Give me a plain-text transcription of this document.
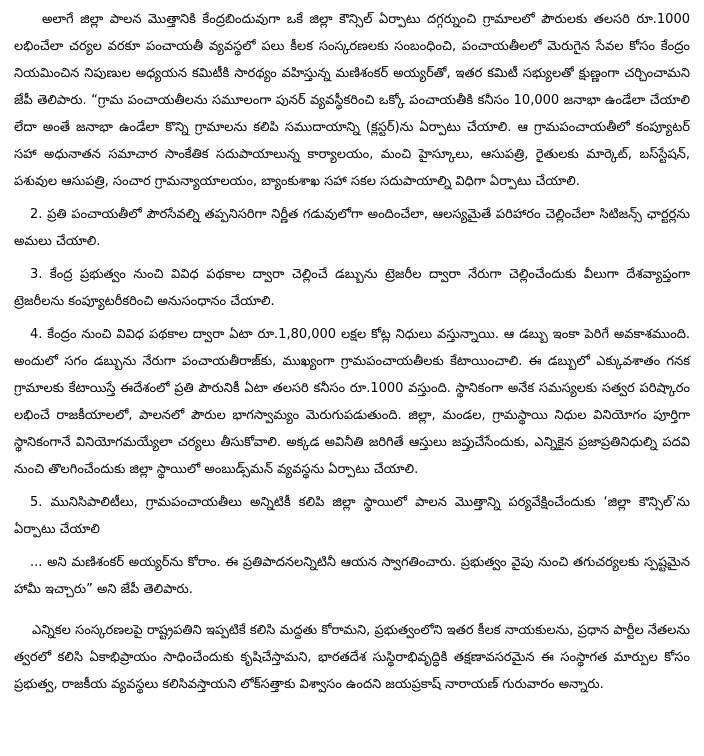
అలాగే జిల్లా పాలన మొత్తానికి కేంద్రబిందువుగా ఒకే జిల్లా కౌన్సిల్ ఏర్పాటు దగ్గర్నుంచి గ్రామాలలో పౌరులకు తలసరి రూ.1000 లభించేలా చర్యల వరకూ పంచాయతీ వ్యవస్థలో పలు కీలక సంస్కరణలకు సంబంధించి, పంచాయతీలలో మెరుగైన సేవల కోసం కేంద్రం నియమించిన నిపుణుల అధ్యయన కమిటీకి సారథ్యం వహిస్తున్న మణిశంకర్ అయ్యర్‌తో, ఇతర కమిటీ సభ్యులతో క్షుణ్ణంగా చర్చించామని జేపీ తెలిపారు. “గ్రామ పంచాయతీలను సమూలంగా పునర్ వ్యవస్థీకరించి ఒక్కో పంచాయతీకి కనీసం 10,000 జనాభా ఉండేలా చేయాలి లేదా అంతే జనాభా ఉండేలా కొన్ని గ్రామాలను కలిపి సముదాయాన్ని (క్లస్టర్)ను ఏర్పాటు చేయాలి. ఆ గ్రామపంచాయతీలో కంప్యూటర్ సహా అధునాతన సమాచార సాంకేతిక సదుపాయాలున్న కార్యాలయం, మంచి హైస్కూలు, ఆసుపత్రి, రైతులకు మార్కెట్, బస్‌స్టేషన్, పశువుల ఆసుపత్రి, సంచార గ్రామన్యాయాలయం, బ్యాంకుశాఖ సహా సకల సదుపాయాల్ని విధిగా ఏర్పాటు చేయాలి.

2. ప్రతి పంచాయతీలో పౌరసేవల్ని తప్పనిసరిగా నిర్ణీత గడువులోగా అందించేలా, ఆలస్యమైతే పరిహారం చెల్లించేలా సిటిజన్స్ ఛార్టర్లను అమలు చేయాలి.

3. కేంద్ర ప్రభుత్వం నుంచి వివిధ పథకాల ద్వారా చెల్లించే డబ్బును ట్రెజరీల ద్వారా నేరుగా చెల్లించేందుకు వీలుగా దేశవ్యాప్తంగా ట్రెజరీలను కంప్యూటరీకరించి అనుసంధానం చేయాలి.

4. కేంద్రం నుంచి వివిధ పథకాల ద్వారా ఏటా రూ.1,80,000 లక్షల కోట్ల నిధులు వస్తున్నాయి. ఆ డబ్బు ఇంకా పెరిగే అవకాశముంది. అందులో సగం డబ్బును నేరుగా పంచాయతీరాజ్‌కు, ముఖ్యంగా గ్రామపంచాయతీలకు కేటాయించాలి. ఈ డబ్బులో ఎక్కువశాతం గనక గ్రామాలకు కేటాయిస్తే ఈదేశంలో ప్రతి పౌరునికీ ఏటా తలసరి కనీసం రూ.1000 వస్తుంది. స్థానికంగా అనేక సమస్యలకు సత్వర పరిష్కారం లభించే రాజకీయాలలో, పాలనలో పౌరుల భాగస్వామ్యం మెరుగుపడుతుంది. జిల్లా, మండల, గ్రామస్థాయి నిధుల వినియోగం పూర్తిగా స్థానికంగానే వినియోగమయ్యేలా చర్యలు తీసుకోవాలి. అక్కడ అవినీతి జరిగితే ఆస్తులు జప్తుచేసేందుకు, ఎన్నికైన ప్రజాప్రతినిధుల్ని పదవి నుంచి తొలగించేందుకు జిల్లా స్థాయిలో అంబుడ్స్‌మన్ వ్యవస్థను ఏర్పాటు చేయాలి.

5. మునిసిపాలిటీలు, గ్రామపంచాయతీలు అన్నిటికీ కలిపి జిల్లా స్థాయిలో పాలన మొత్తాన్ని పర్యవేక్షించేందుకు ‘జిల్లా కౌన్సిల్’ను ఏర్పాటు చేయాలి

... అని మణిశంకర్ అయ్యర్‌ను కోరాం. ఈ ప్రతిపాదనలన్నిటినీ ఆయన స్వాగతించారు. ప్రభుత్వం వైపు నుంచి తగుచర్యలకు స్పష్టమైన హామీ ఇచ్చారు” అని జేపీ తెలిపారు.

ఎన్నికల సంస్కరణలపై రాష్ట్రపతిని ఇప్పటికే కలిసి మద్దతు కోరామని, ప్రభుత్వంలోని ఇతర కీలక నాయకులను, ప్రధాన పార్టీల నేతలను త్వరలో కలిసి ఏకాభిప్రాయం సాధించేందుకు కృషిచేస్తామని, భారతదేశ సుస్థిరాభివృద్ధికి తక్షణావసరమైన ఈ సంస్థాగత మార్పుల కోసం ప్రభుత్వ, రాజకీయ వ్యవస్థలు కలిసివస్తాయని లోక్‌సత్తాకు విశ్వాసం ఉందని జయప్రకాష్ నారాయణ్ గురువారం అన్నారు.
